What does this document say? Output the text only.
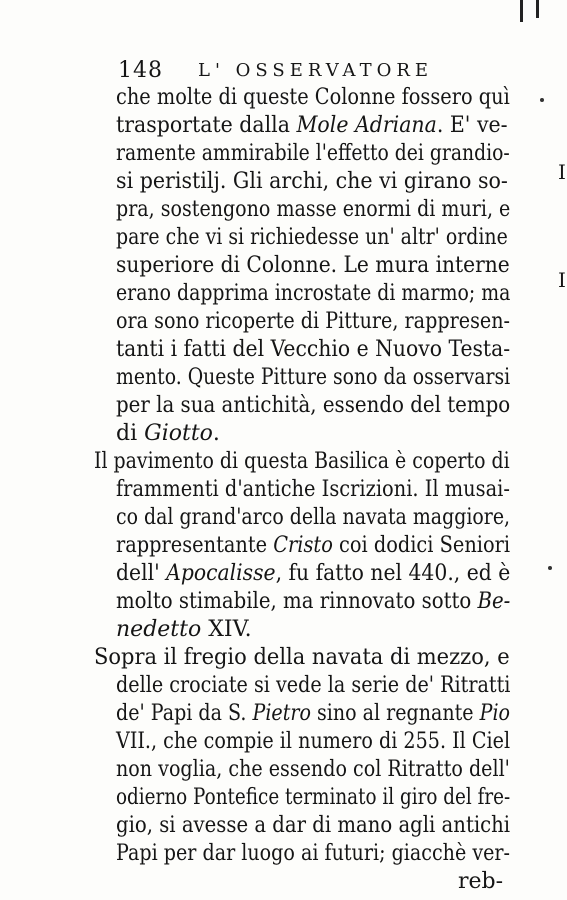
148 L' OSSERVATORE
che molte di queste Colonne fossero quì
trasportate dalla Mole Adriana. E' ve-
ramente ammirabile l'effetto dei grandio-
si peristilj. Gli archi, che vi girano so-
pra, sostengono masse enormi di muri, e
pare che vi si richiedesse un' altr' ordine
superiore di Colonne. Le mura interne
erano dapprima incrostate di marmo; ma
ora sono ricoperte di Pitture, rappresen-
tanti i fatti del Vecchio e Nuovo Testa-
mento. Queste Pitture sono da osservarsi
per la sua antichità, essendo del tempo
di Giotto.
Il pavimento di questa Basilica è coperto di
frammenti d'antiche Iscrizioni. Il musai-
co dal grand'arco della navata maggiore,
rappresentante Cristo coi dodici Seniori
dell' Apocalisse, fu fatto nel 440., ed è
molto stimabile, ma rinnovato sotto Be-
nedetto XIV.
Sopra il fregio della navata di mezzo, e
delle crociate si vede la serie de' Ritratti
de' Papi da S. Pietro sino al regnante Pio
VII., che compie il numero di 255. Il Ciel
non voglia, che essendo col Ritratto dell'
odierno Pontefice terminato il giro del fre-
gio, si avesse a dar di mano agli antichi
Papi per dar luogo ai futuri; giacchè ver-
reb-
I
I
